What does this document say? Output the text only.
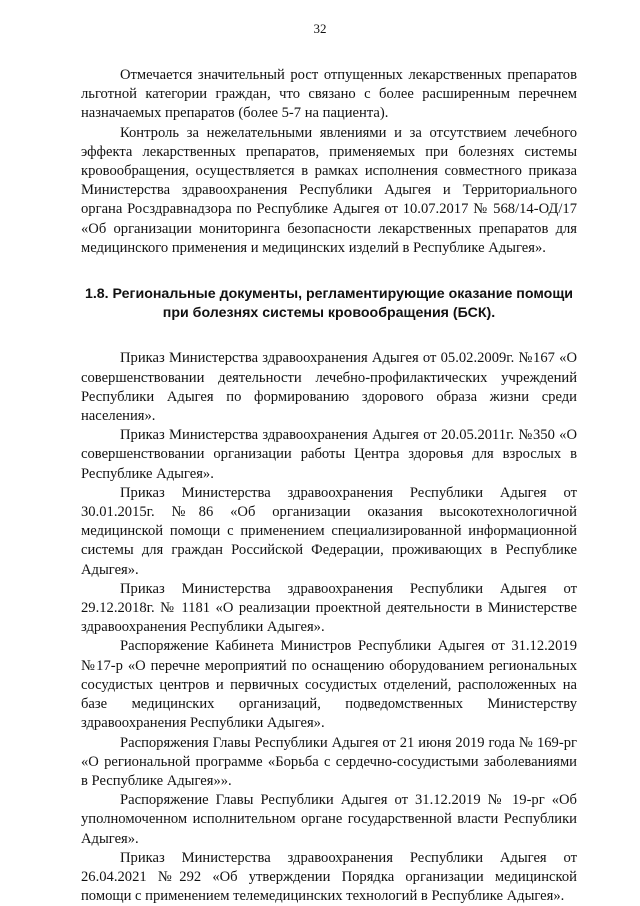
32

Отмечается значительный рост отпущенных лекарственных препаратов льготной категории граждан, что связано с более расширенным перечнем назначаемых препаратов (более 5-7 на пациента).

Контроль за нежелательными явлениями и за отсутствием лечебного эффекта лекарственных препаратов, применяемых при болезнях системы кровообращения, осуществляется в рамках исполнения совместного приказа Министерства здравоохранения Республики Адыгея и Территориального органа Росздравнадзора по Республике Адыгея от 10.07.2017 № 568/14-ОД/17 «Об организации мониторинга безопасности лекарственных препаратов для медицинского применения и медицинских изделий в Республике Адыгея».

1.8. Региональные документы, регламентирующие оказание помощи при болезнях системы кровообращения (БСК).

Приказ Министерства здравоохранения Адыгея от 05.02.2009г. №167 «О совершенствовании деятельности лечебно-профилактических учреждений Республики Адыгея по формированию здорового образа жизни среди населения».

Приказ Министерства здравоохранения Адыгея от 20.05.2011г. №350 «О совершенствовании организации работы Центра здоровья для взрослых в Республике Адыгея».

Приказ Министерства здравоохранения Республики Адыгея от 30.01.2015г. №86 «Об организации оказания высокотехнологичной медицинской помощи с применением специализированной информационной системы для граждан Российской Федерации, проживающих в Республике Адыгея».

Приказ Министерства здравоохранения Республики Адыгея от 29.12.2018г. № 1181 «О реализации проектной деятельности в Министерстве здравоохранения Республики Адыгея».

Распоряжение Кабинета Министров Республики Адыгея от 31.12.2019 №17-р «О перечне мероприятий по оснащению оборудованием региональных сосудистых центров и первичных сосудистых отделений, расположенных на базе медицинских организаций, подведомственных Министерству здравоохранения Республики Адыгея».

Распоряжения Главы Республики Адыгея от 21 июня 2019 года № 169-рг «О региональной программе «Борьба с сердечно-сосудистыми заболеваниями в Республике Адыгея»».

Распоряжение Главы Республики Адыгея от 31.12.2019 № 19-рг «Об уполномоченном исполнительном органе государственной власти Республики Адыгея».

Приказ Министерства здравоохранения Республики Адыгея от 26.04.2021 №292 «Об утверждении Порядка организации медицинской помощи с применением телемедицинских технологий в Республике Адыгея».
